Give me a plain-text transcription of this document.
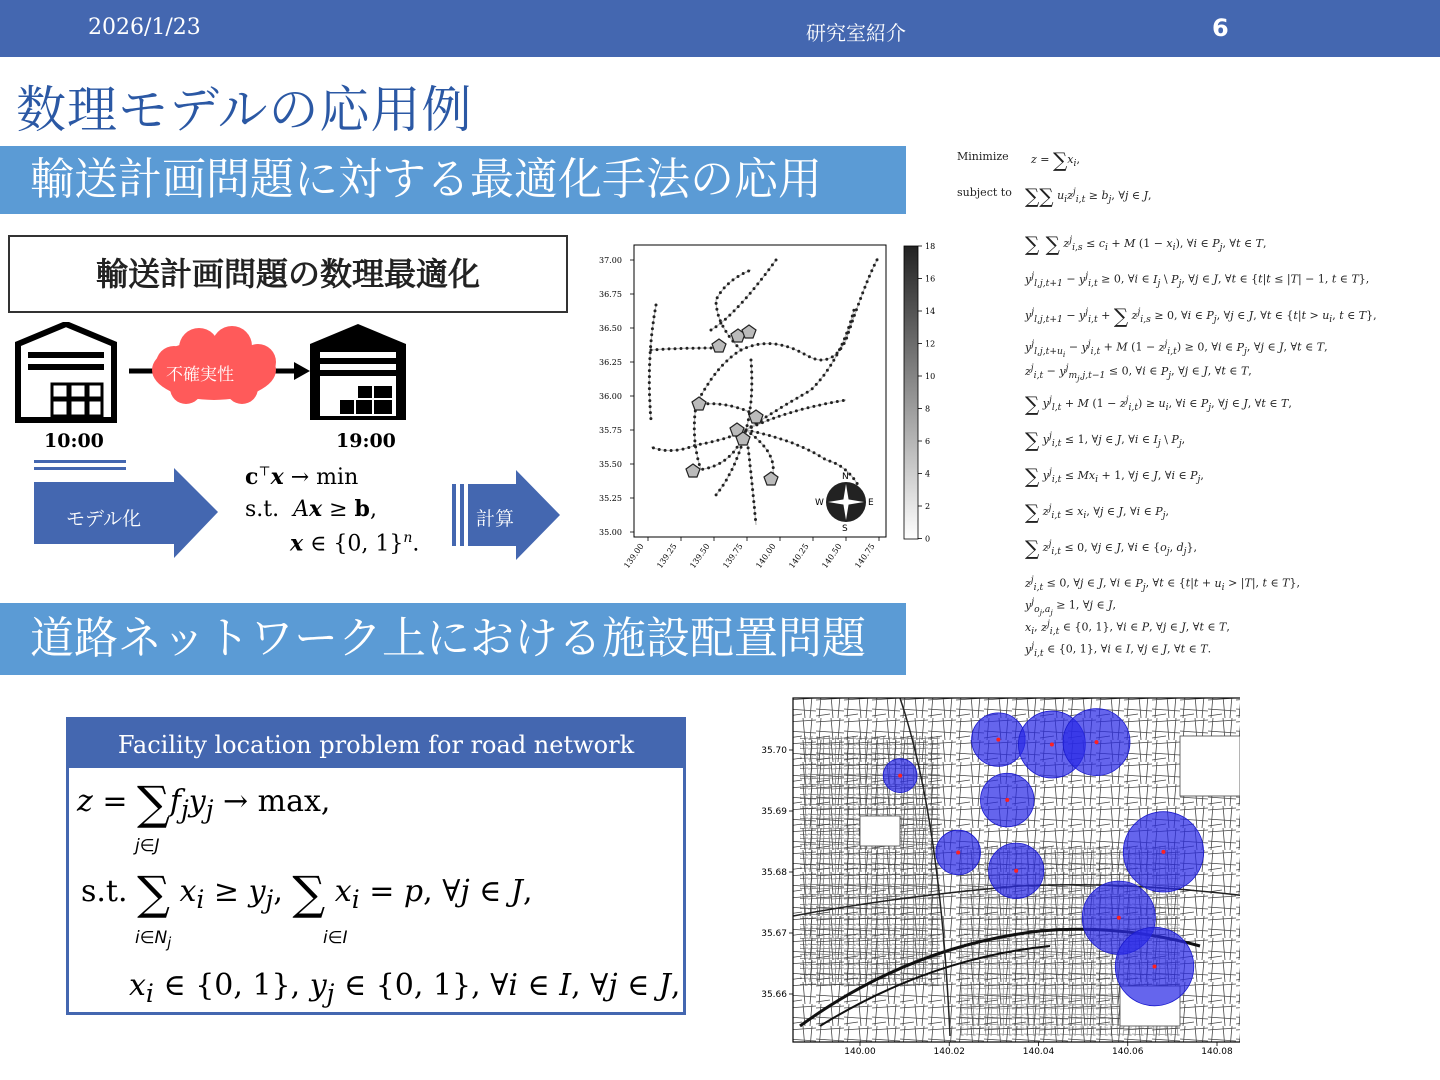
2026/1/23	研究室紹介	6
数理モデルの応用例
輸送計画問題に対する最適化手法の応用
輸送計画問題の数理最適化
不確実性
10:00	19:00
モデル化
c⊤x → min
s.t.  Ax ≥ b,
x ∈ {0, 1}$^n$.
計算
N
S
W	E
37.00
36.75
36.50
36.25
36.00
35.75
35.50
35.25
35.00
139.00 139.25 139.50 139.75 140.00 140.25 140.50 140.75
18
16
14
12
10
8
6
4
2
0
Minimize $z = \sum x_i$,
subject to ∑∑ $u_iz^j_{i,t} \ge b_j$, ∀j ∈ J,
∑ ∑ $z^j_{i,s} \le c_i + M$ $(1 - x_i)$, ∀i ∈ $P_j$, ∀t ∈ T,
$y^j_{l,j,t+1} - y^j_{i,t} \ge 0$, ∀i ∈ $I_j$ \ $P_j$, ∀j ∈ J, ∀t ∈ {t|t ≤ |T| − 1, t ∈ T},
$y^j_{l,j,t+1} - y^j_{i,t}$ + ∑ $z^j_{i,s} \ge 0$, ∀i ∈ $P_j$, ∀j ∈ J, ∀t ∈ {$t|t > u_i$, t ∈ T},
$y^j_{l,j,t+u_i} - y^j_{i,t} + M$ $(1 - z^j_{i,t}) \ge 0$, ∀i ∈ $P_j$, ∀j ∈ J, ∀t ∈ T,
$z^j_{i,t} - y^j_{m_j,j,t-1} \le 0$, ∀i ∈ $P_j$, ∀j ∈ J, ∀t ∈ T,
∑ $y^j_{l,t} + M$ $(1 - z^j_{i,t}) \ge u_i$, ∀i ∈ $P_j$, ∀j ∈ J, ∀t ∈ T,
∑ $y^j_{i,t} \le 1$, ∀j ∈ J, ∀i ∈ $I_j$ \ $P_j$,
∑ $y^j_{i,t} \le Mx_i + 1$, ∀j ∈ J, ∀i ∈ $P_j$,
∑ $z^j_{i,t} \le x_i$, ∀j ∈ J, ∀i ∈ $P_j$,
∑ $z^j_{i,t} \le 0$, ∀j ∈ J, ∀i ∈ {$o_j$, $d_j$},
$z^j_{i,t} \le 0$, ∀j ∈ J, ∀i ∈ $P_j$, ∀t ∈ {$t|t + u_i > |T|$, t ∈ T},
$y^j_{o_j,a_j} \ge 1$, ∀j ∈ J,
$x_i$, $z^j_{i,t}$ ∈ {0, 1}, ∀i ∈ P, ∀j ∈ J, ∀t ∈ T,
$y^j_{i,t}$ ∈ {0, 1}, ∀i ∈ I, ∀j ∈ J, ∀t ∈ T.
道路ネットワーク上における施設配置問題
Facility location problem for road network
$z = \sum f_jy_j \to \max$,
j∈J
s.t. ∑ $x_i \ge y_j$, ∑ $x_i = p$, ∀j ∈ J,
$i\in N_j$	i∈I
$x_i$ ∈ {0, 1}, $y_j$ ∈ {0, 1}, ∀i ∈ I, ∀j ∈ J,
35.70
35.69
35.68
35.67
35.66
140.00	140.02	140.04	140.06	140.08
